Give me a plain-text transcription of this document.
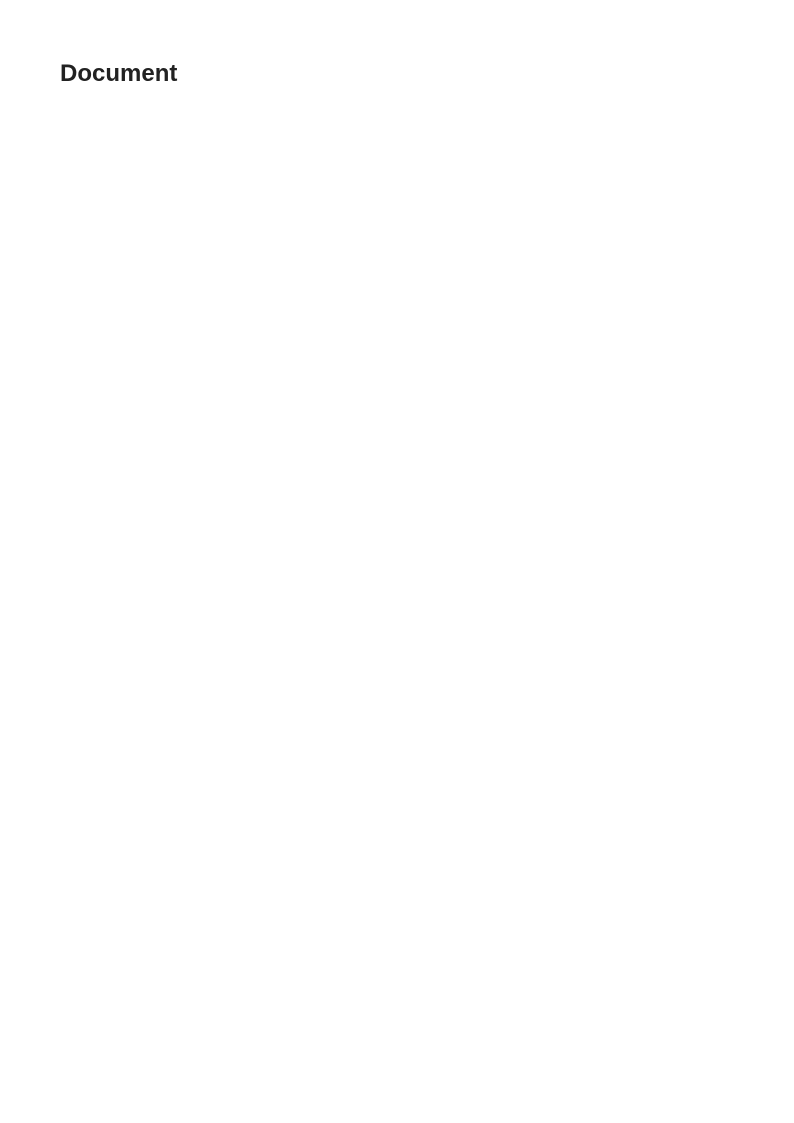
Document
